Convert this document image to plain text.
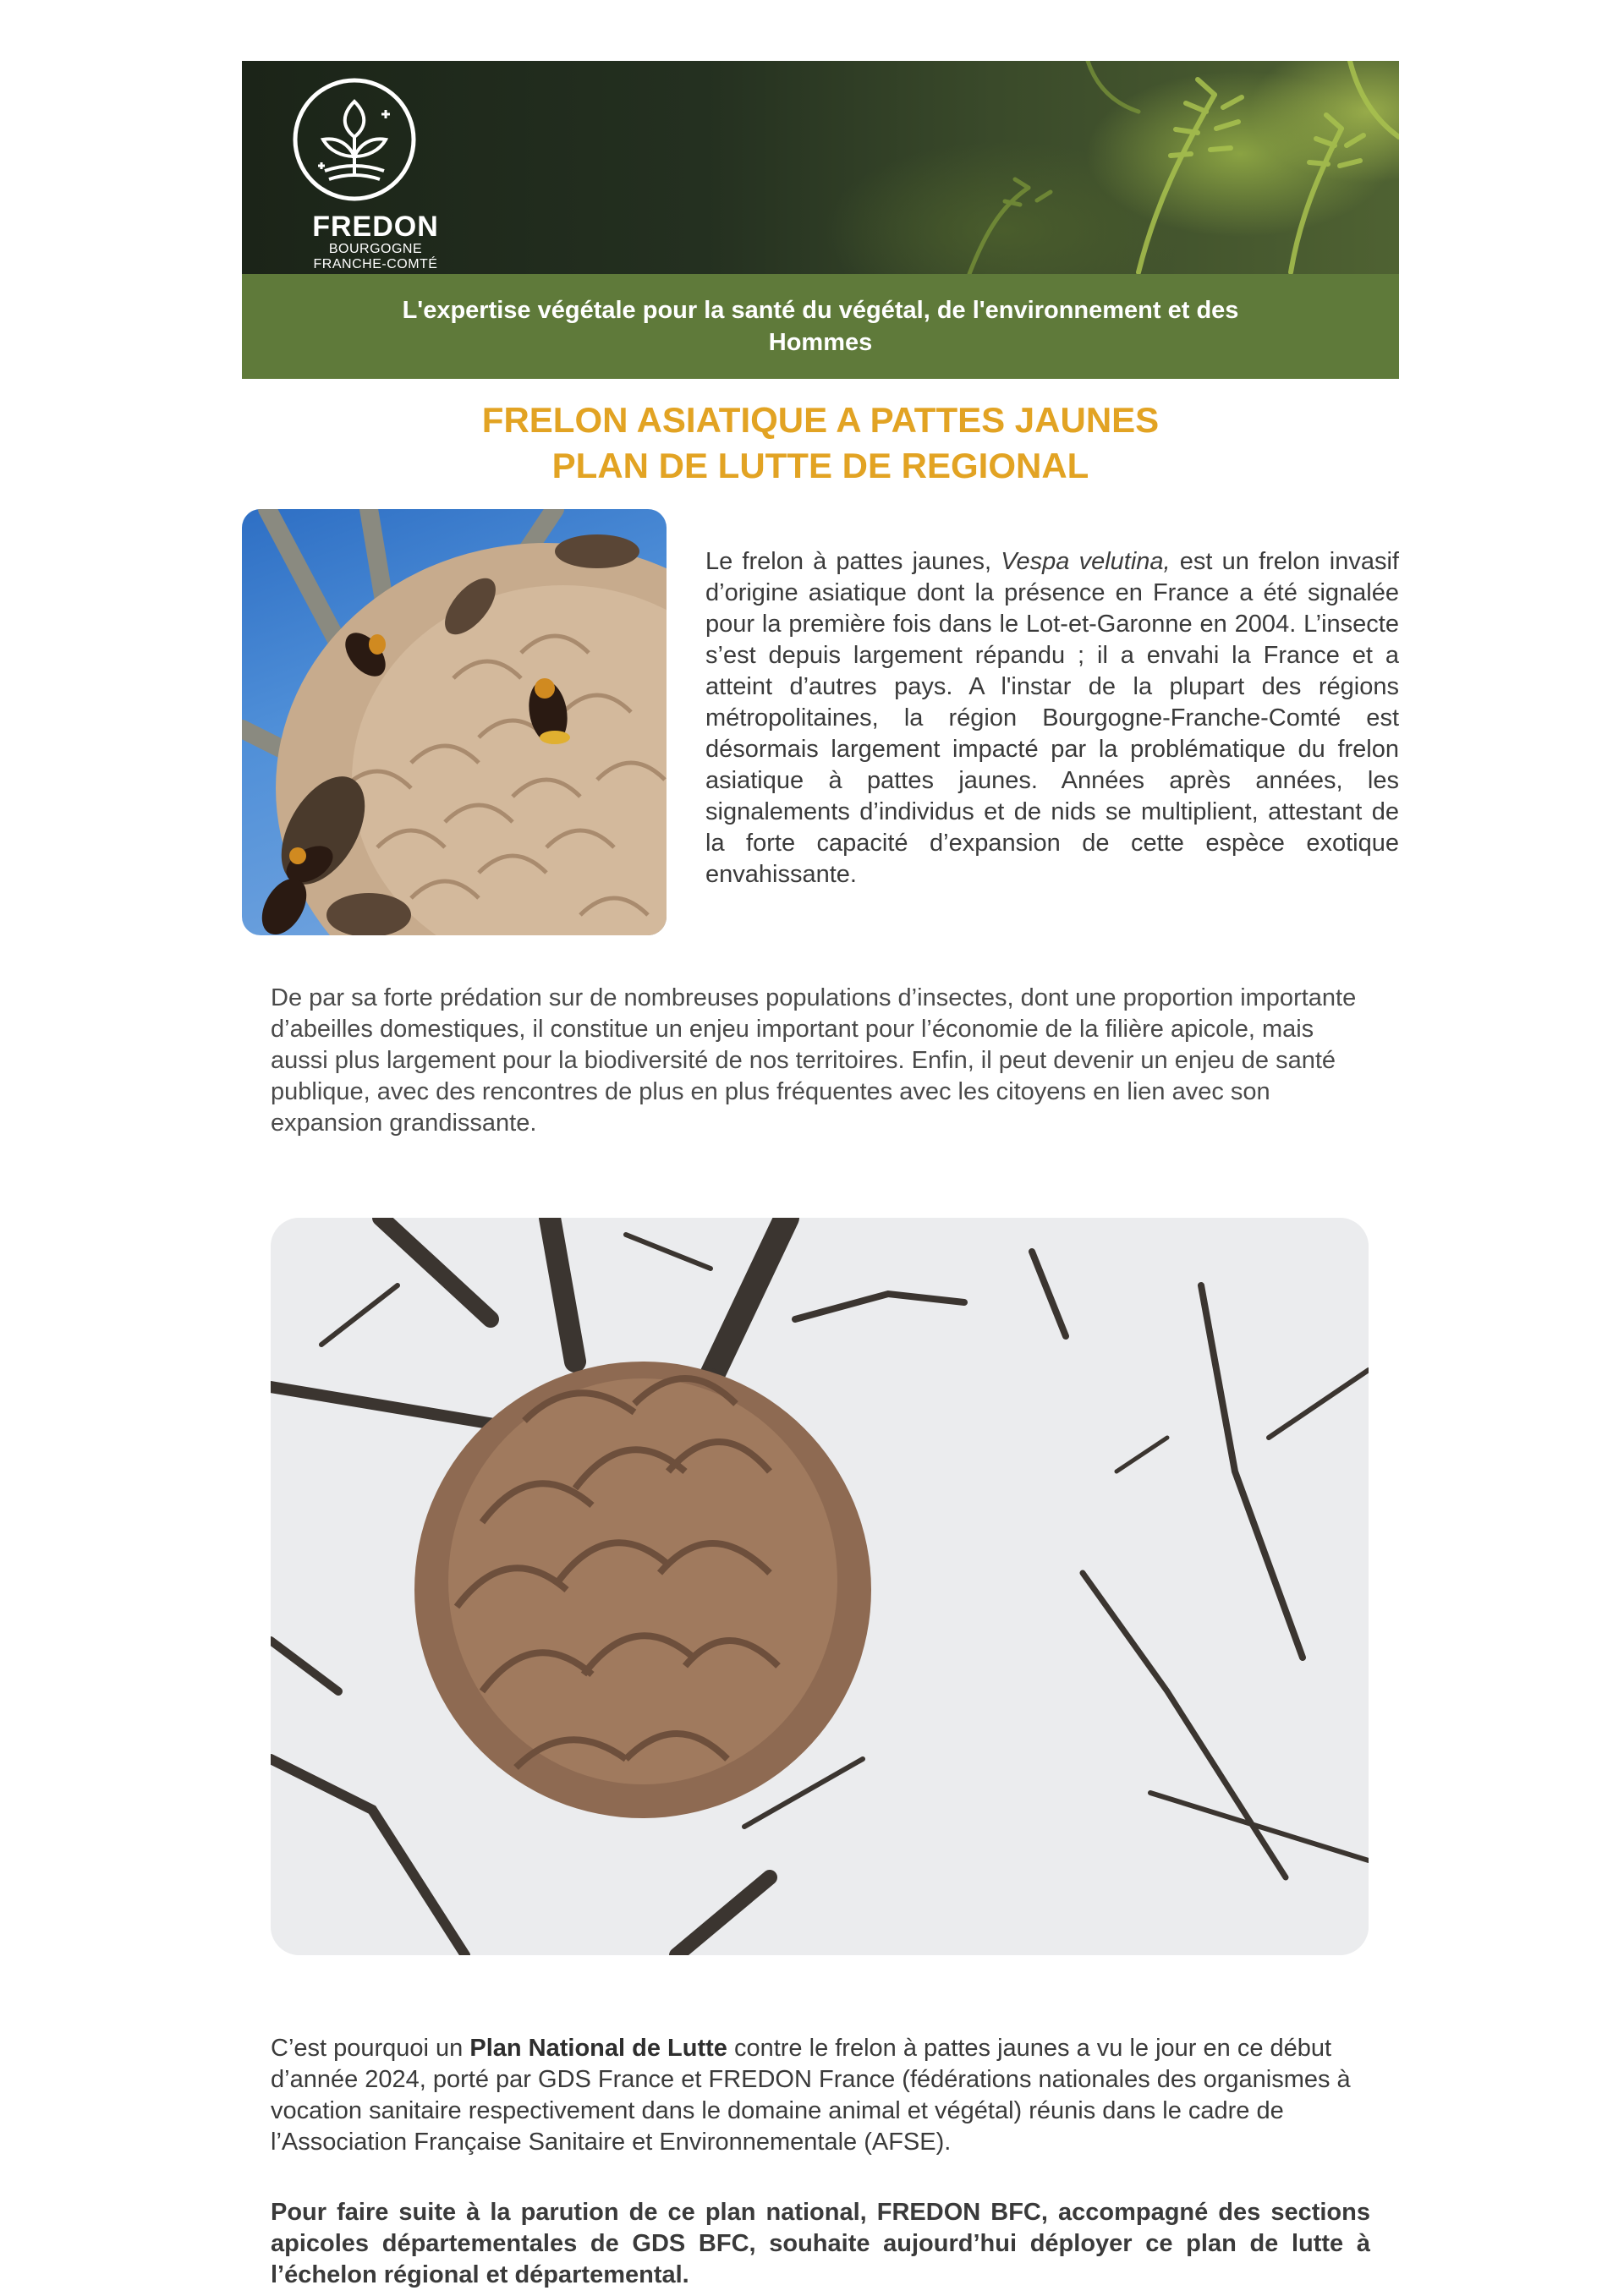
FREDON
BOURGOGNE
FRANCHE-COMTÉ
L'expertise végétale pour la santé du végétal, de l'environnement et des Hommes
FRELON ASIATIQUE A PATTES JAUNES
PLAN DE LUTTE DE REGIONAL
Le frelon à pattes jaunes, Vespa velutina, est un frelon invasif d’origine asiatique dont la présence en France a été signalée pour la première fois dans le Lot-et-Garonne en 2004. L’insecte s’est depuis largement répandu ; il a envahi la France et a atteint d’autres pays. A l'instar de la plupart des régions métropolitaines, la région Bourgogne-Franche-Comté est désormais largement impacté par la problématique du frelon asiatique à pattes jaunes. Années après années, les signalements d’individus et de nids se multiplient, attestant de la forte capacité d’expansion de cette espèce exotique envahissante.
De par sa forte prédation sur de nombreuses populations d’insectes, dont une proportion importante d’abeilles domestiques, il constitue un enjeu important pour l’économie de la filière apicole, mais aussi plus largement pour la biodiversité de nos territoires. Enfin, il peut devenir un enjeu de santé publique, avec des rencontres de plus en plus fréquentes avec les citoyens en lien avec son expansion grandissante.
C’est pourquoi un Plan National de Lutte contre le frelon à pattes jaunes a vu le jour en ce début d’année 2024, porté par GDS France et FREDON France (fédérations nationales des organismes à vocation sanitaire respectivement dans le domaine animal et végétal) réunis dans le cadre de l’Association Française Sanitaire et Environnementale (AFSE).
Pour faire suite à la parution de ce plan national, FREDON BFC, accompagné des sections apicoles départementales de GDS BFC, souhaite aujourd’hui déployer ce plan de lutte à l’échelon régional et départemental.
